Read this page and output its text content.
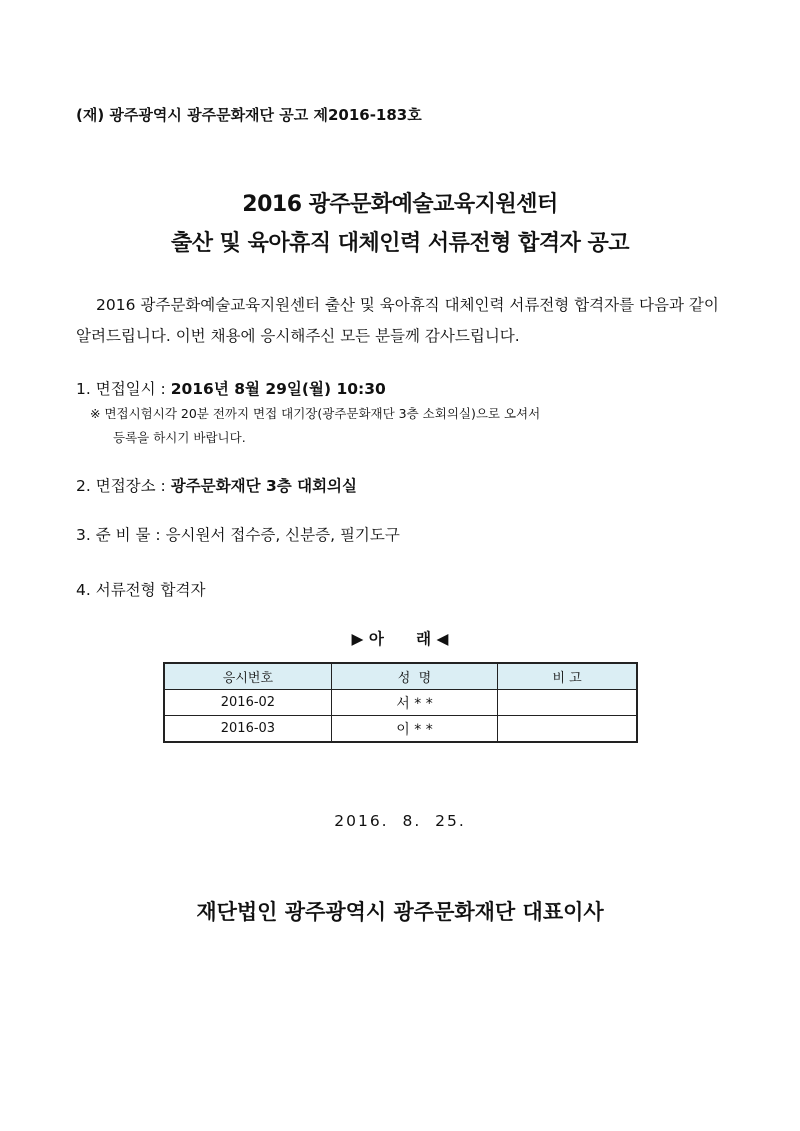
(재) 광주광역시 광주문화재단 공고 제2016-183호
2016 광주문화예술교육지원센터
출산 및 육아휴직 대체인력 서류전형 합격자 공고
2016 광주문화예술교육지원센터 출산 및 육아휴직 대체인력 서류전형 합격자를 다음과 같이 알려드립니다. 이번 채용에 응시해주신 모든 분들께 감사드립니다.
1. 면접일시 : 2016년 8월 29일(월) 10:30
※ 면접시험시각 20분 전까지 면접 대기장(광주문화재단 3층 소회의실)으로 오셔서
등록을 하시기 바랍니다.
2. 면접장소 : 광주문화재단 3층 대회의실
3. 준 비 물 : 응시원서 접수증, 신분증, 필기도구
4. 서류전형 합격자
▶ 아      래 ◀
응시번호	성  명	비 고
2016-02	서 * *	
2016-03	이 * *	
2016.  8.  25.
재단법인 광주광역시 광주문화재단 대표이사
